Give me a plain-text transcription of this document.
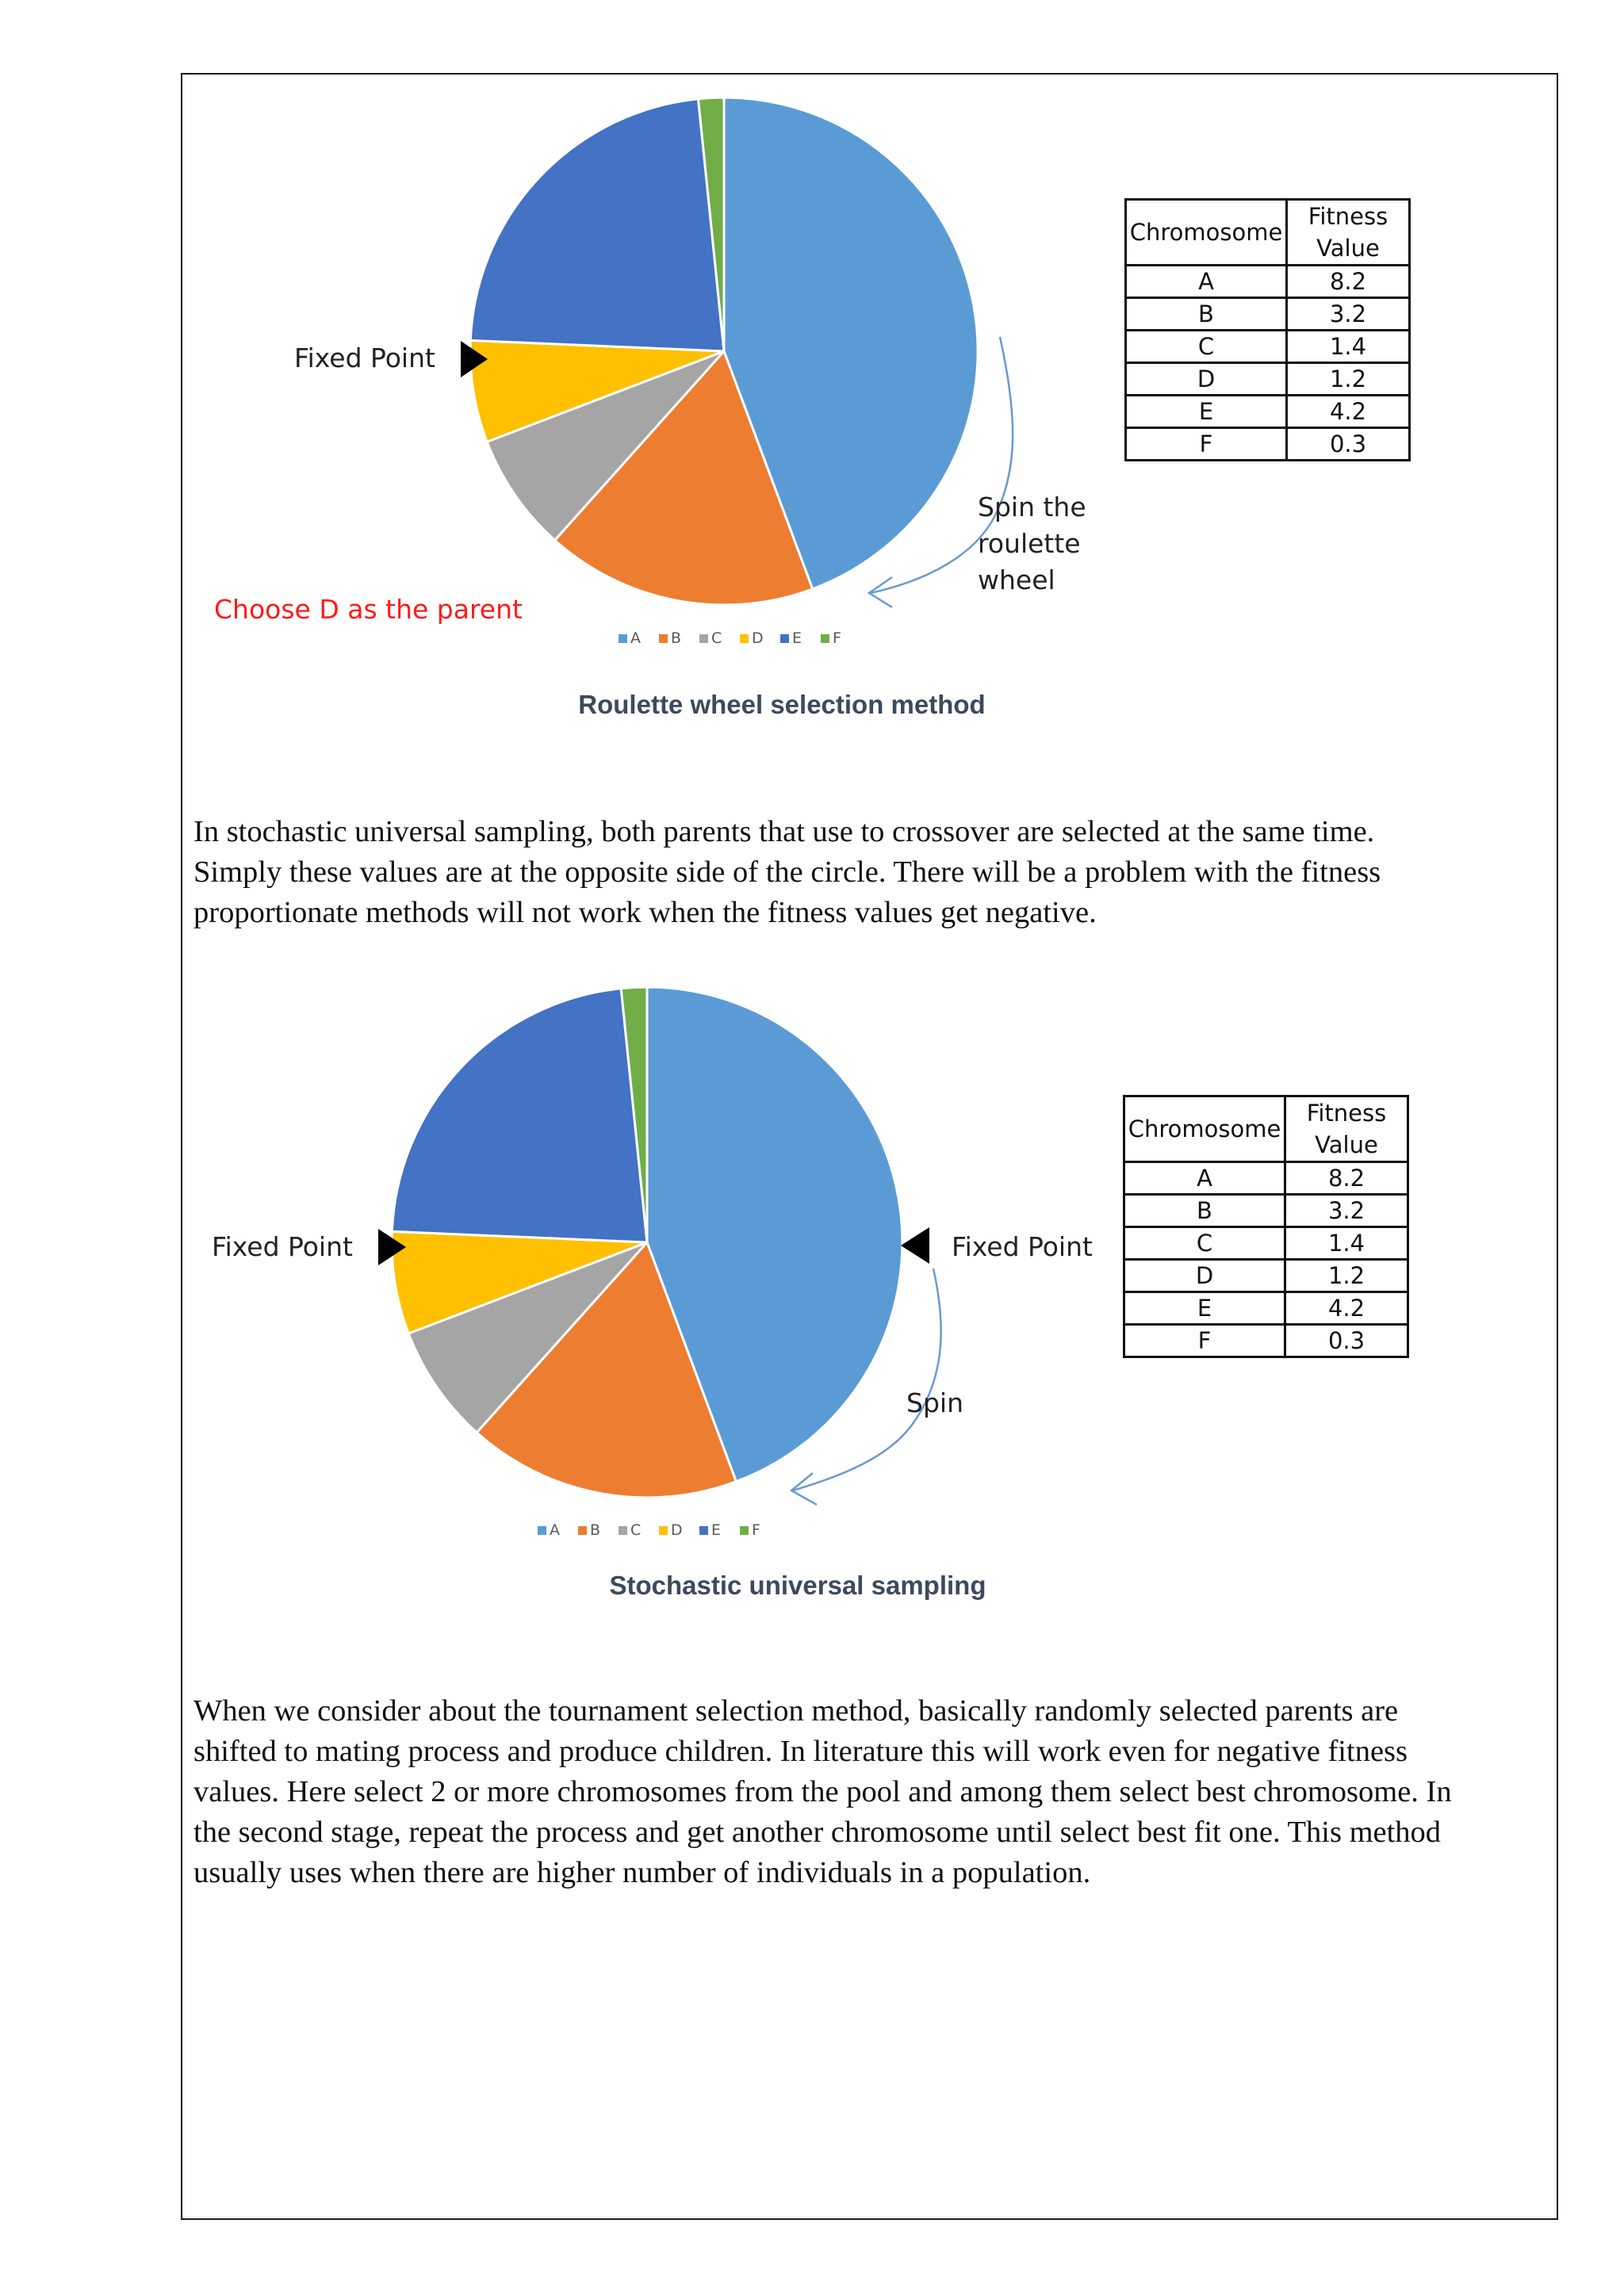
A B C D E F
Fixed Point
Choose D as the parent
Spin the
roulette
wheel
Chromosome	Fitness
Value
A	8.2
B	3.2
C	1.4
D	1.2
E	4.2
F	0.3
Roulette wheel selection method

In stochastic universal sampling, both parents that use to crossover are selected at the same time.
Simply these values are at the opposite side of the circle. There will be a problem with the fitness
proportionate methods will not work when the fitness values get negative.

A B C D E F
Fixed Point	Fixed Point
Spin
Chromosome	Fitness
Value
A	8.2
B	3.2
C	1.4
D	1.2
E	4.2
F	0.3
Stochastic universal sampling

When we consider about the tournament selection method, basically randomly selected parents are
shifted to mating process and produce children. In literature this will work even for negative fitness
values. Here select 2 or more chromosomes from the pool and among them select best chromosome. In
the second stage, repeat the process and get another chromosome until select best fit one. This method
usually uses when there are higher number of individuals in a population.
